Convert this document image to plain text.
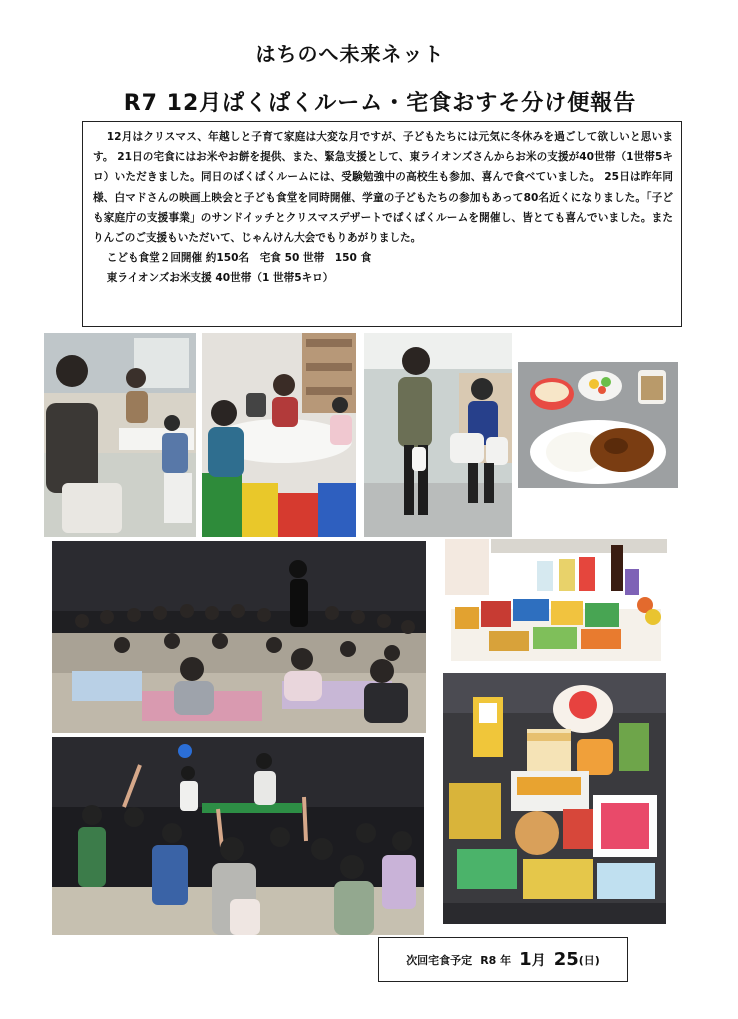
はちのへ未来ネット
R7 12月ぱくぱくルーム・宅食おすそ分け便報告

12月はクリスマス、年越しと子育て家庭は大変な月ですが、子どもたちには元気に冬休みを過ごして欲しいと思います。 21日の宅食にはお米やお餅を提供、また、緊急支援として、東ライオンズさんからお米の支援が40世帯（1世帯5キロ）いただきました。同日のぱくぱくルームには、受験勉強中の高校生も参加、喜んで食べていました。 25日は昨年同様、白マドさんの映画上映会と子ども食堂を同時開催、学童の子どもたちの参加もあって80名近くになりました。「子ども家庭庁の支援事業」のサンドイッチとクリスマスデザートでぱくぱくルームを開催し、皆とても喜んでいました。またりんごのご支援もいただいて、じゃんけん大会でもりあがりました。

こども食堂２回開催 約150名　宅食 50 世帯　150 食

東ライオンズお米支援 40世帯（1 世帯5キロ）

次回宅食予定 R8 年 1 月 25 (日)
